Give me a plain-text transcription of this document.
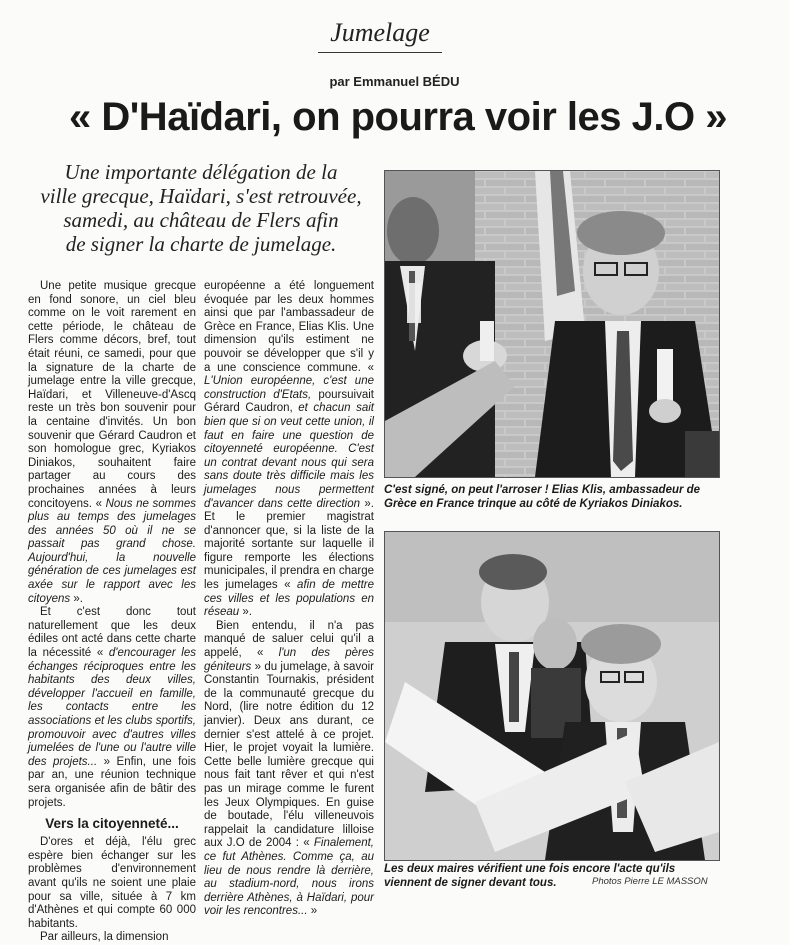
Jumelage
par Emmanuel BÉDU
« D'Haïdari, on pourra voir les J.O »
Une importante délégation de la
ville grecque, Haïdari, s'est retrouvée,
samedi, au château de Flers afin
de signer la charte de jumelage.

Une petite musique grecque en fond sonore, un ciel bleu comme on le voit rarement en cette période, le château de Flers comme décors, bref, tout était réuni, ce samedi, pour que la signature de la charte de jumelage entre la ville grecque, Haïdari, et Villeneuve-d'Ascq reste un très bon souvenir pour la centaine d'invités. Un bon souvenir que Gérard Caudron et son homologue grec, Kyriakos Diniakos, souhaitent faire partager au cours des prochaines années à leurs concitoyens. « Nous ne sommes plus au temps des jumelages des années 50 où il ne se passait pas grand chose. Aujourd'hui, la nouvelle génération de ces jumelages est axée sur le rapport avec les citoyens ».

Et c'est donc tout naturellement que les deux édiles ont acté dans cette charte la nécessité « d'encourager les échanges réciproques entre les habitants des deux villes, développer l'accueil en famille, les contacts entre les associations et les clubs sportifs, promouvoir avec d'autres villes jumelées de l'une ou l'autre ville des projets... » Enfin, une fois par an, une réunion technique sera organisée afin de bâtir des projets.

Vers la citoyenneté...

D'ores et déjà, l'élu grec espère bien échanger sur les problèmes d'environnement avant qu'ils ne soient une plaie pour sa ville, située à 7 km d'Athènes et qui compte 60 000 habitants.

Par ailleurs, la dimension

européenne a été longuement évoquée par les deux hommes ainsi que par l'ambassadeur de Grèce en France, Elias Klis. Une dimension qu'ils estiment ne pouvoir se développer que s'il y a une conscience commune. « L'Union européenne, c'est une construction d'Etats, poursuivait Gérard Caudron, et chacun sait bien que si on veut cette union, il faut en faire une question de citoyenneté européenne. C'est un contrat devant nous qui sera sans doute très difficile mais les jumelages nous permettent d'avancer dans cette direction ». Et le premier magistrat d'annoncer que, si la liste de la majorité sortante sur laquelle il figure remporte les élections municipales, il prendra en charge les jumelages « afin de mettre ces villes et les populations en réseau ».

Bien entendu, il n'a pas manqué de saluer celui qu'il a appelé, « l'un des pères géniteurs » du jumelage, à savoir Constantin Tournakis, président de la communauté grecque du Nord, (lire notre édition du 12 janvier). Deux ans durant, ce dernier s'est attelé à ce projet. Hier, le projet voyait la lumière. Cette belle lumière grecque qui nous fait tant rêver et qui n'est pas un mirage comme le furent les Jeux Olympiques. En guise de boutade, l'élu villeneuvois rappelait la candidature lilloise aux J.O de 2004 : « Finalement, ce fut Athènes. Comme ça, au lieu de nous rendre là derrière, au stadium-nord, nous irons derrière Athènes, à Haïdari, pour voir les rencontres... »

C'est signé, on peut l'arroser ! Elias Klis, ambassadeur de Grèce en France trinque au côté de Kyriakos Diniakos.
Les deux maires vérifient une fois encore l'acte qu'ils viennent de signer devant tous.	Photos Pierre LE MASSON
